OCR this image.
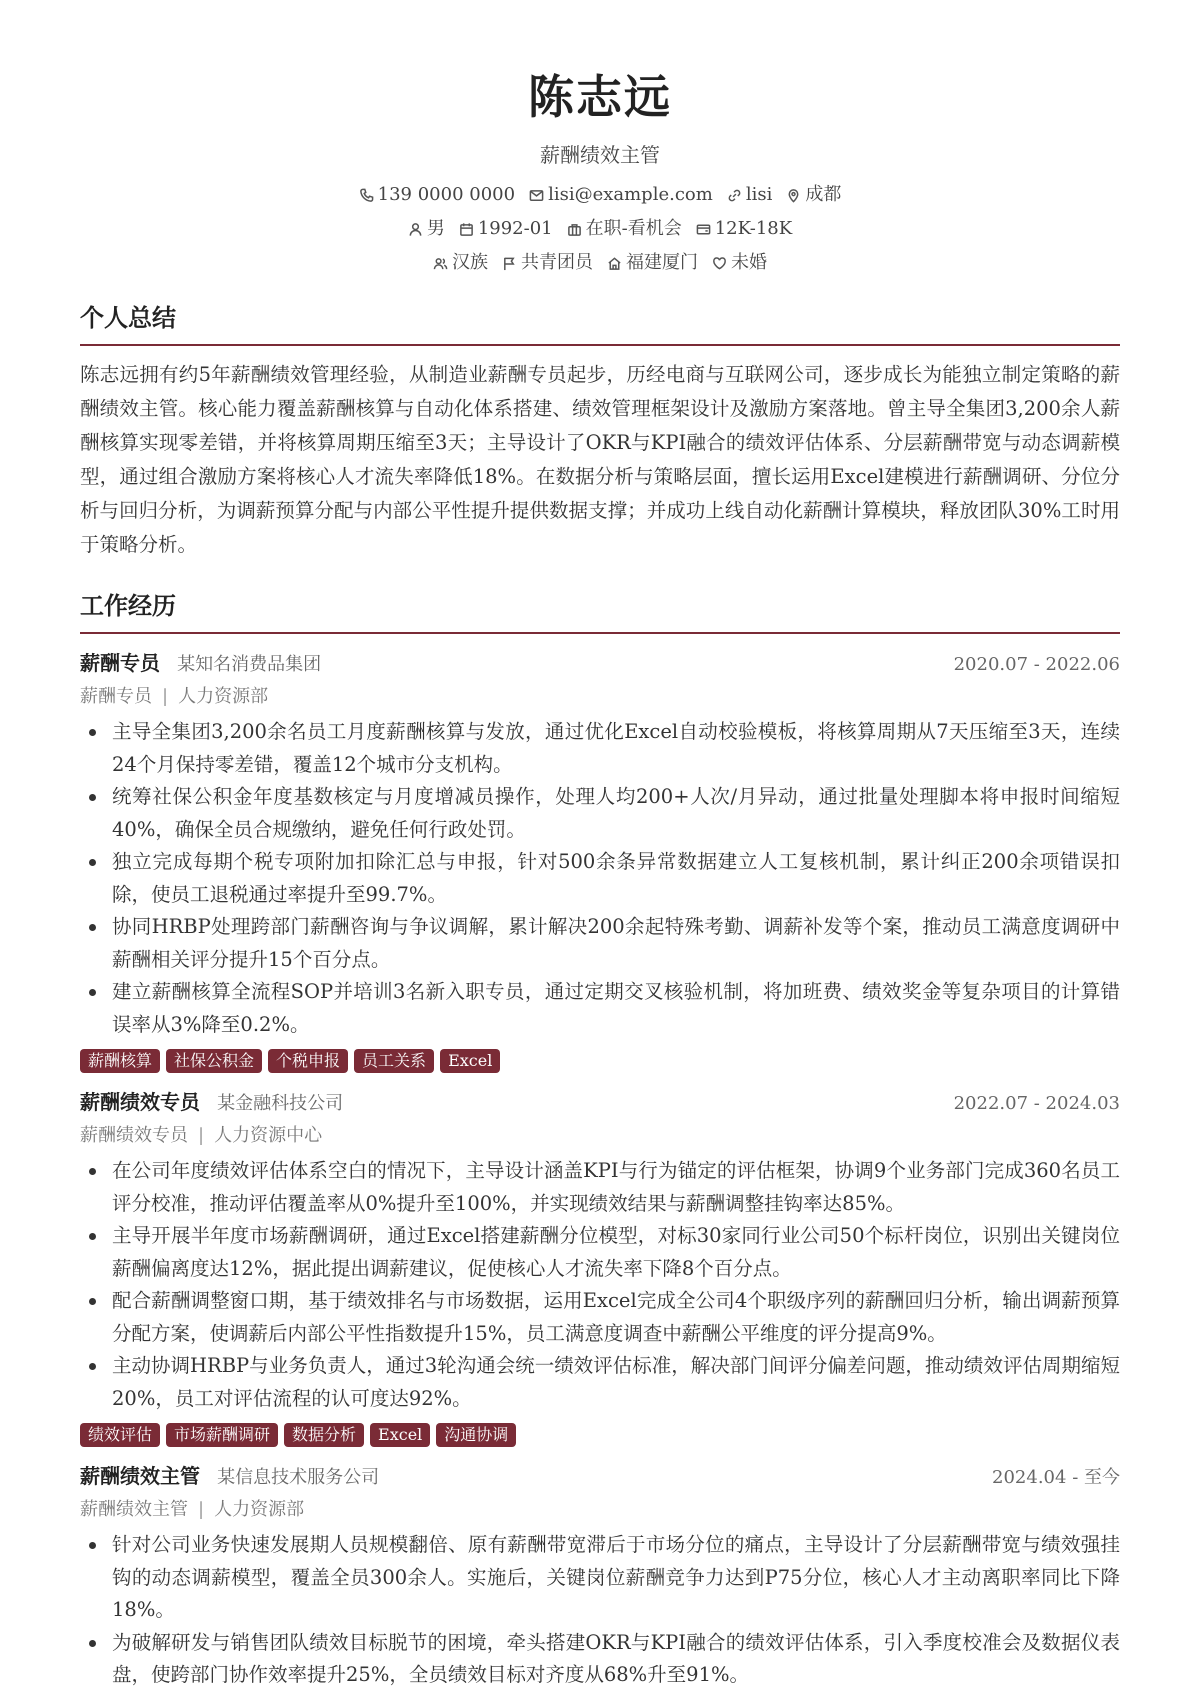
陈志远
薪酬绩效主管
139 0000 0000 lisi@example.com lisi 成都
男 1992-01 在职-看机会 12K-18K
汉族 共青团员 福建厦门 未婚
个人总结

陈志远拥有约5年薪酬绩效管理经验，从制造业薪酬专员起步，历经电商与互联网公司，逐步成长为能独立制定策略的薪酬绩效主管。核心能力覆盖薪酬核算与自动化体系搭建、绩效管理框架设计及激励方案落地。曾主导全集团3,200余人薪酬核算实现零差错，并将核算周期压缩至3天；主导设计了OKR与KPI融合的绩效评估体系、分层薪酬带宽与动态调薪模型，通过组合激励方案将核心人才流失率降低18%。在数据分析与策略层面，擅长运用Excel建模进行薪酬调研、分位分析与回归分析，为调薪预算分配与内部公平性提升提供数据支撑；并成功上线自动化薪酬计算模块，释放团队30%工时用于策略分析。

工作经历
薪酬专员 某知名消费品集团	2020.07 - 2022.06
薪酬专员 | 人力资源部
主导全集团3,200余名员工月度薪酬核算与发放，通过优化Excel自动校验模板，将核算周期从7天压缩至3天，连续24个月保持零差错，覆盖12个城市分支机构。
统筹社保公积金年度基数核定与月度增减员操作，处理人均200+人次/月异动，通过批量处理脚本将申报时间缩短40%，确保全员合规缴纳，避免任何行政处罚。
独立完成每期个税专项附加扣除汇总与申报，针对500余条异常数据建立人工复核机制，累计纠正200余项错误扣除，使员工退税通过率提升至99.7%。
协同HRBP处理跨部门薪酬咨询与争议调解，累计解决200余起特殊考勤、调薪补发等个案，推动员工满意度调研中薪酬相关评分提升15个百分点。
建立薪酬核算全流程SOP并培训3名新入职专员，通过定期交叉核验机制，将加班费、绩效奖金等复杂项目的计算错误率从3%降至0.2%。
薪酬核算	社保公积金	个税申报	员工关系	Excel
薪酬绩效专员 某金融科技公司	2022.07 - 2024.03
薪酬绩效专员 | 人力资源中心
在公司年度绩效评估体系空白的情况下，主导设计涵盖KPI与行为锚定的评估框架，协调9个业务部门完成360名员工评分校准，推动评估覆盖率从0%提升至100%，并实现绩效结果与薪酬调整挂钩率达85%。
主导开展半年度市场薪酬调研，通过Excel搭建薪酬分位模型，对标30家同行业公司50个标杆岗位，识别出关键岗位薪酬偏离度达12%，据此提出调薪建议，促使核心人才流失率下降8个百分点。
配合薪酬调整窗口期，基于绩效排名与市场数据，运用Excel完成全公司4个职级序列的薪酬回归分析，输出调薪预算分配方案，使调薪后内部公平性指数提升15%，员工满意度调查中薪酬公平维度的评分提高9%。
主动协调HRBP与业务负责人，通过3轮沟通会统一绩效评估标准，解决部门间评分偏差问题，推动绩效评估周期缩短20%，员工对评估流程的认可度达92%。
绩效评估	市场薪酬调研	数据分析	Excel	沟通协调
薪酬绩效主管 某信息技术服务公司	2024.04 - 至今
薪酬绩效主管 | 人力资源部
针对公司业务快速发展期人员规模翻倍、原有薪酬带宽滞后于市场分位的痛点，主导设计了分层薪酬带宽与绩效强挂钩的动态调薪模型，覆盖全员300余人。实施后，关键岗位薪酬竞争力达到P75分位，核心人才主动离职率同比下降18%。
为破解研发与销售团队绩效目标脱节的困境，牵头搭建OKR与KPI融合的绩效评估体系，引入季度校准会及数据仪表盘，使跨部门协作效率提升25%，全员绩效目标对齐度从68%升至91%。
